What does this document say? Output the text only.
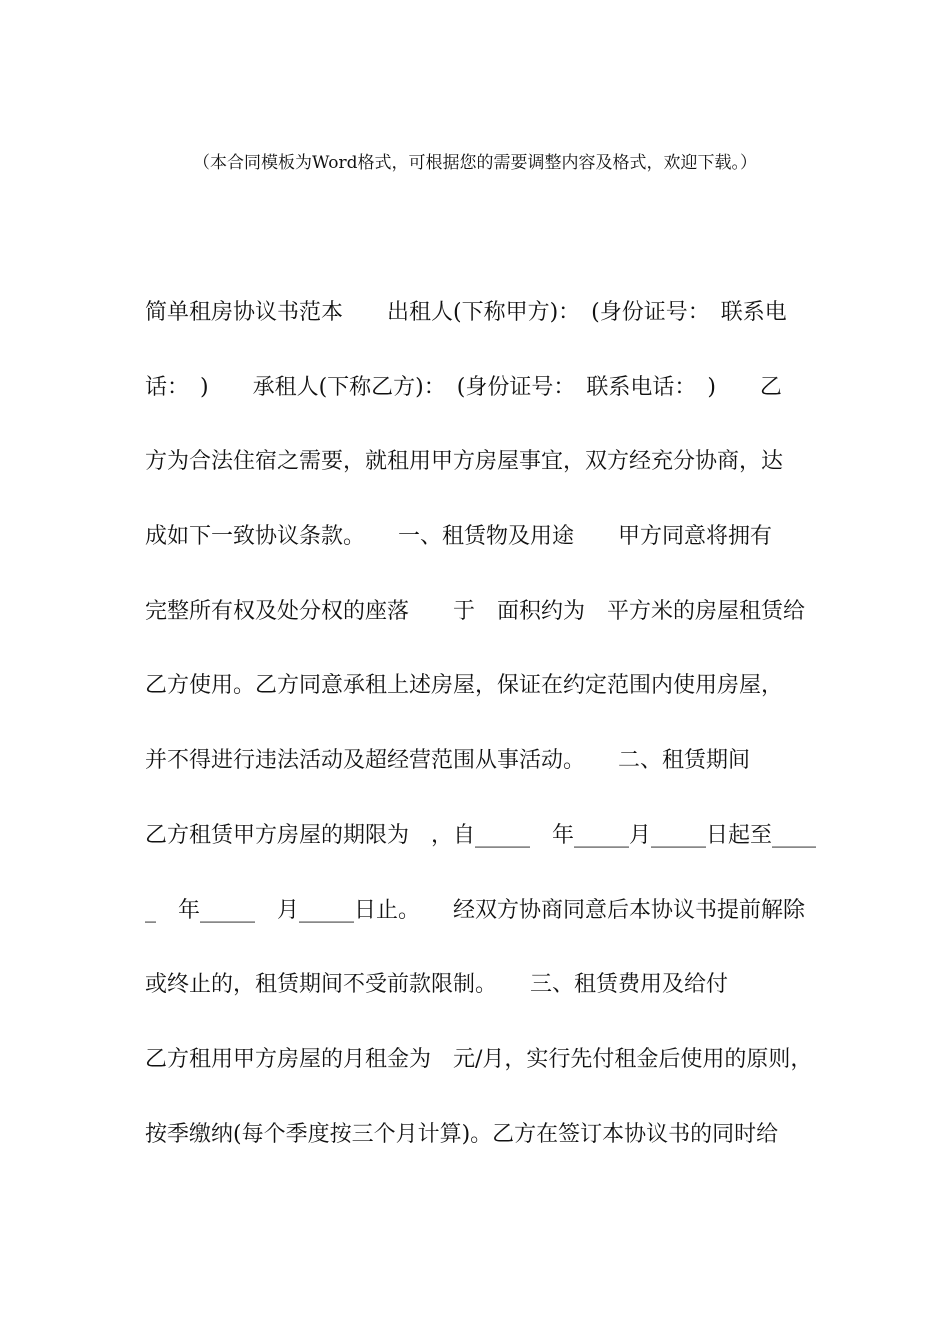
（本合同模板为Word格式，可根据您的需要调整内容及格式，欢迎下载。）
简单租房协议书范本　　出租人(下称甲方)：　(身份证号：　联系电
话：　)　　承租人(下称乙方)：　(身份证号：　联系电话：　)　　乙
方为合法住宿之需要，就租用甲方房屋事宜，双方经充分协商，达
成如下一致协议条款。　　一、租赁物及用途　　甲方同意将拥有
完整所有权及处分权的座落　　于　面积约为　平方米的房屋租赁给
乙方使用。乙方同意承租上述房屋，保证在约定范围内使用房屋，
并不得进行违法活动及超经营范围从事活动。　　二、租赁期间
乙方租赁甲方房屋的期限为　，自_____　年_____月_____日起至____
_　年_____　月_____日止。　　经双方协商同意后本协议书提前解除
或终止的，租赁期间不受前款限制。　　三、租赁费用及给付
乙方租用甲方房屋的月租金为　元/月，实行先付租金后使用的原则，
按季缴纳(每个季度按三个月计算)。乙方在签订本协议书的同时给
